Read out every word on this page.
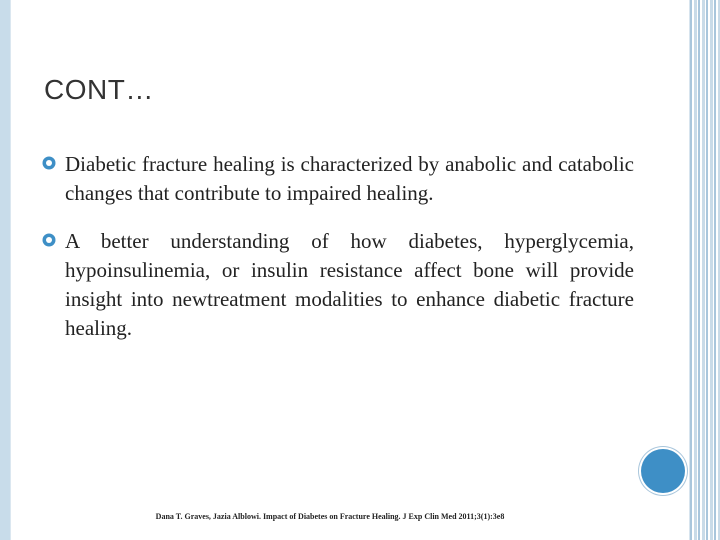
CONT…
Diabetic fracture healing is characterized by anabolic and catabolic changes that contribute to impaired healing.
A better understanding of how diabetes, hyperglycemia, hypoinsulinemia, or insulin resistance affect bone will provide insight into newtreatment modalities to enhance diabetic fracture healing.
Dana T. Graves, Jazia Alblowi. Impact of Diabetes on Fracture Healing. J Exp Clin Med 2011;3(1):3e8
